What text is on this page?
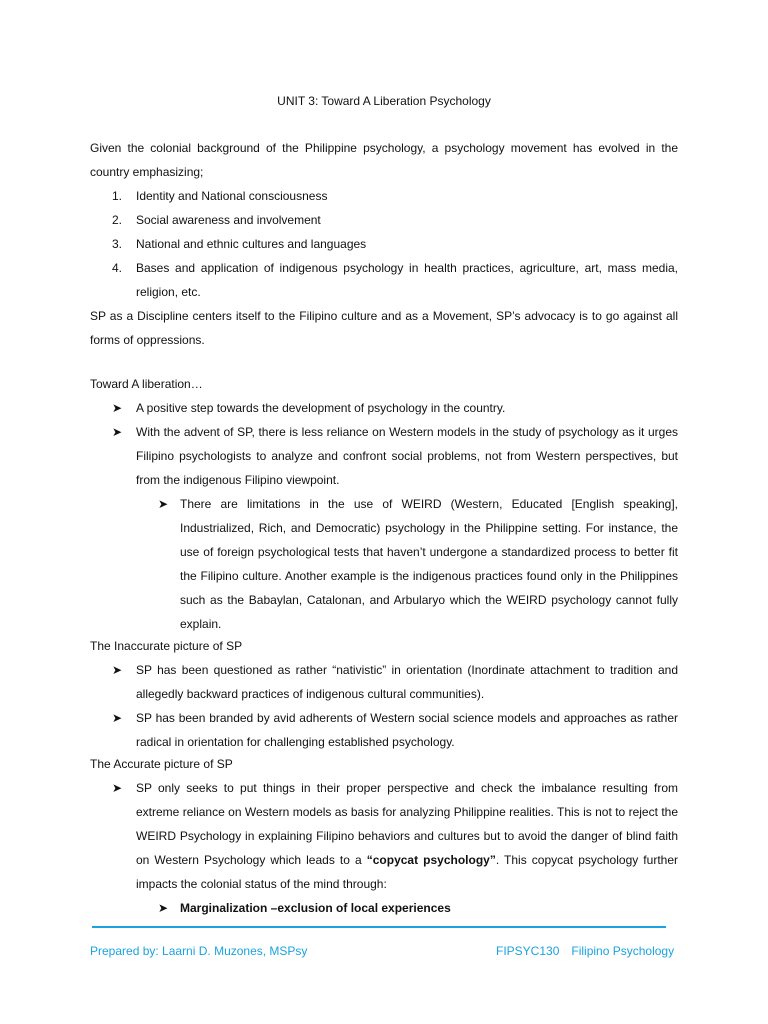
UNIT 3: Toward A Liberation Psychology
Given the colonial background of the Philippine psychology, a psychology movement has evolved in the country emphasizing;
1. Identity and National consciousness
2. Social awareness and involvement
3. National and ethnic cultures and languages
4. Bases and application of indigenous psychology in health practices, agriculture, art, mass media, religion, etc.
SP as a Discipline centers itself to the Filipino culture and as a Movement, SP’s advocacy is to go against all forms of oppressions.
Toward A liberation…
➤ A positive step towards the development of psychology in the country.
➤ With the advent of SP, there is less reliance on Western models in the study of psychology as it urges Filipino psychologists to analyze and confront social problems, not from Western perspectives, but from the indigenous Filipino viewpoint.
➤ There are limitations in the use of WEIRD (Western, Educated [English speaking], Industrialized, Rich, and Democratic) psychology in the Philippine setting. For instance, the use of foreign psychological tests that haven’t undergone a standardized process to better fit the Filipino culture. Another example is the indigenous practices found only in the Philippines such as the Babaylan, Catalonan, and Arbularyo which the WEIRD psychology cannot fully explain.
The Inaccurate picture of SP
➤ SP has been questioned as rather “nativistic” in orientation (Inordinate attachment to tradition and allegedly backward practices of indigenous cultural communities).
➤ SP has been branded by avid adherents of Western social science models and approaches as rather radical in orientation for challenging established psychology.
The Accurate picture of SP
➤ SP only seeks to put things in their proper perspective and check the imbalance resulting from extreme reliance on Western models as basis for analyzing Philippine realities. This is not to reject the WEIRD Psychology in explaining Filipino behaviors and cultures but to avoid the danger of blind faith on Western Psychology which leads to a “copycat psychology”. This copycat psychology further impacts the colonial status of the mind through:
➤ Marginalization –exclusion of local experiences
Prepared by: Laarni D. Muzones, MSPsy	FIPSYC130 Filipino Psychology
